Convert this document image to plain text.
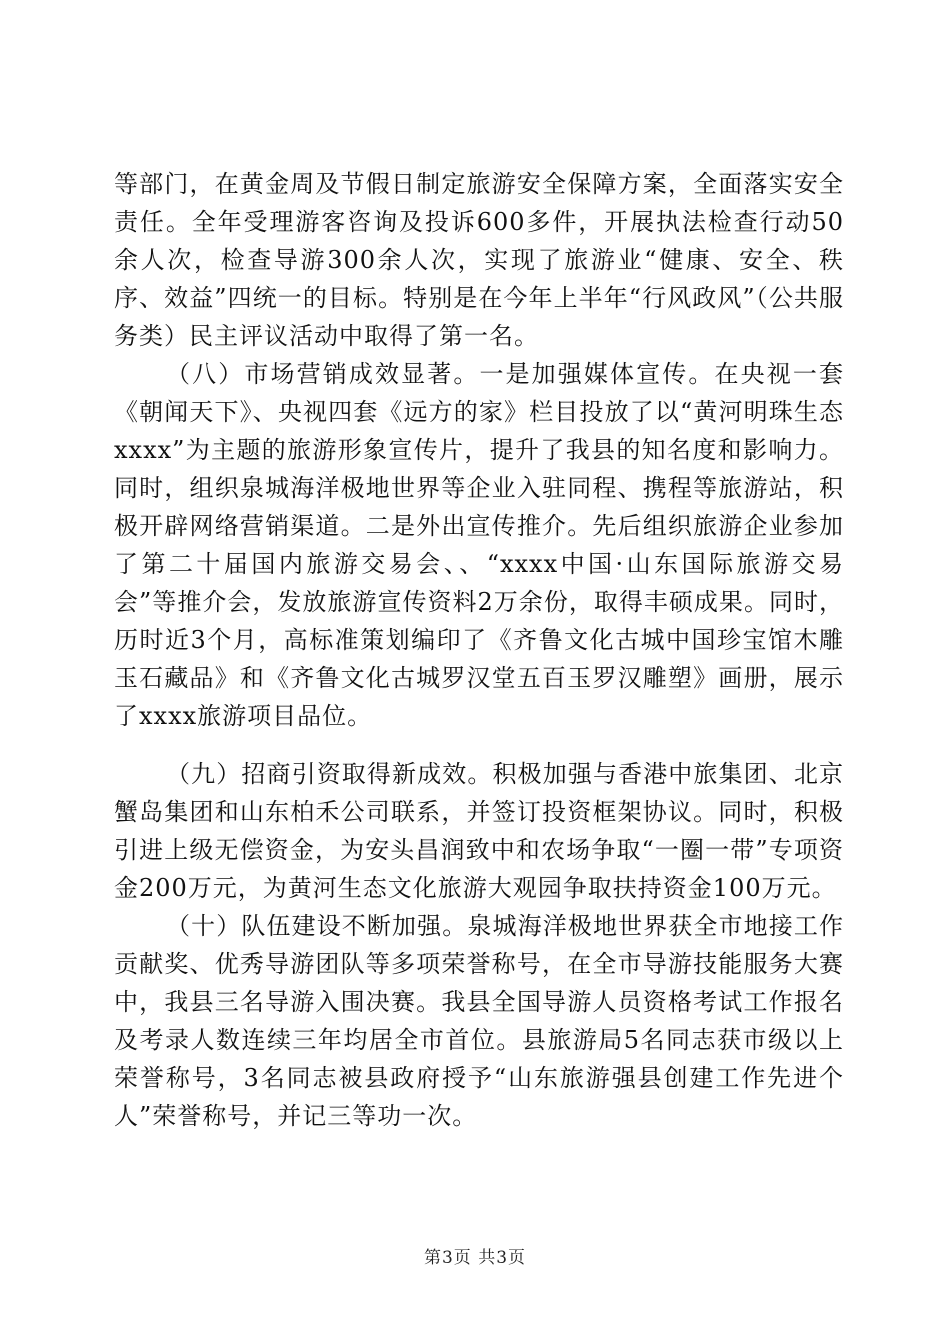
等部门，在黄金周及节假日制定旅游安全保障方案，全面落实安全责任。全年受理游客咨询及投诉600多件，开展执法检查行动50余人次，检查导游300余人次，实现了旅游业“健康、安全、秩序、效益”四统一的目标。特别是在今年上半年“行风政风”（公共服务类）民主评议活动中取得了第一名。

（八）市场营销成效显著。一是加强媒体宣传。在央视一套《朝闻天下》、央视四套《远方的家》栏目投放了以“黄河明珠生态xxxx”为主题的旅游形象宣传片，提升了我县的知名度和影响力。同时，组织泉城海洋极地世界等企业入驻同程、携程等旅游站，积极开辟网络营销渠道。二是外出宣传推介。先后组织旅游企业参加了第二十届国内旅游交易会、、“xxxx中国·山东国际旅游交易会”等推介会，发放旅游宣传资料2万余份，取得丰硕成果。同时，历时近3个月，高标准策划编印了《齐鲁文化古城中国珍宝馆木雕玉石藏品》和《齐鲁文化古城罗汉堂五百玉罗汉雕塑》画册，展示了xxxx旅游项目品位。

（九）招商引资取得新成效。积极加强与香港中旅集团、北京蟹岛集团和山东柏禾公司联系，并签订投资框架协议。同时，积极引进上级无偿资金，为安头昌润致中和农场争取“一圈一带”专项资金200万元，为黄河生态文化旅游大观园争取扶持资金100万元。

（十）队伍建设不断加强。泉城海洋极地世界获全市地接工作贡献奖、优秀导游团队等多项荣誉称号，在全市导游技能服务大赛中，我县三名导游入围决赛。我县全国导游人员资格考试工作报名及考录人数连续三年均居全市首位。县旅游局5名同志获市级以上荣誉称号，3名同志被县政府授予“山东旅游强县创建工作先进个人”荣誉称号，并记三等功一次。

第3页 共3页
